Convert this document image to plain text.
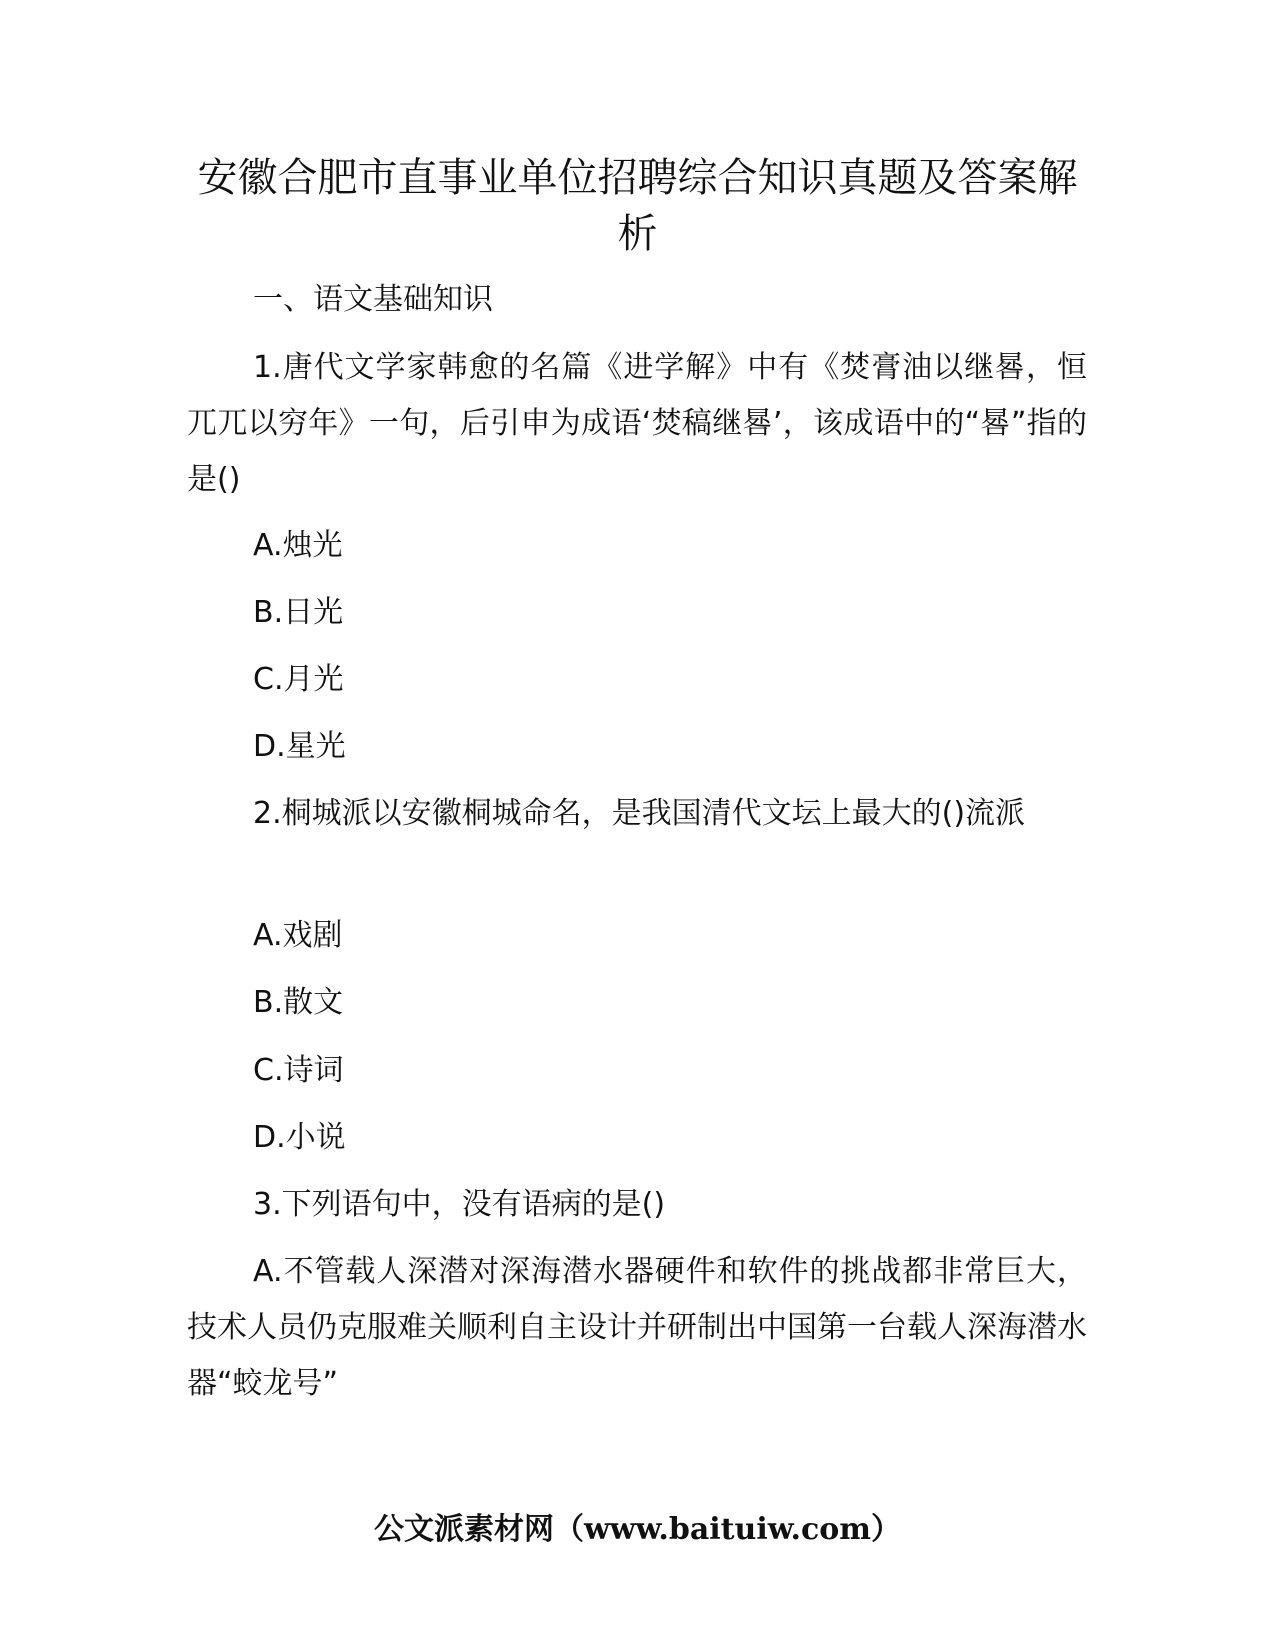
安徽合肥市直事业单位招聘综合知识真题及答案解析

一、语文基础知识

1.唐代文学家韩愈的名篇《进学解》中有《焚膏油以继晷，恒兀兀以穷年》一句，后引申为成语‘焚稿继晷’，该成语中的“晷”指的是()

A.烛光

B.日光

C.月光

D.星光

2.桐城派以安徽桐城命名，是我国清代文坛上最大的()流派

A.戏剧

B.散文

C.诗词

D.小说

3.下列语句中，没有语病的是()

A.不管载人深潜对深海潜水器硬件和软件的挑战都非常巨大，技术人员仍克服难关顺利自主设计并研制出中国第一台载人深海潜水器“蛟龙号”

公文派素材网（www.baituiw.com）
